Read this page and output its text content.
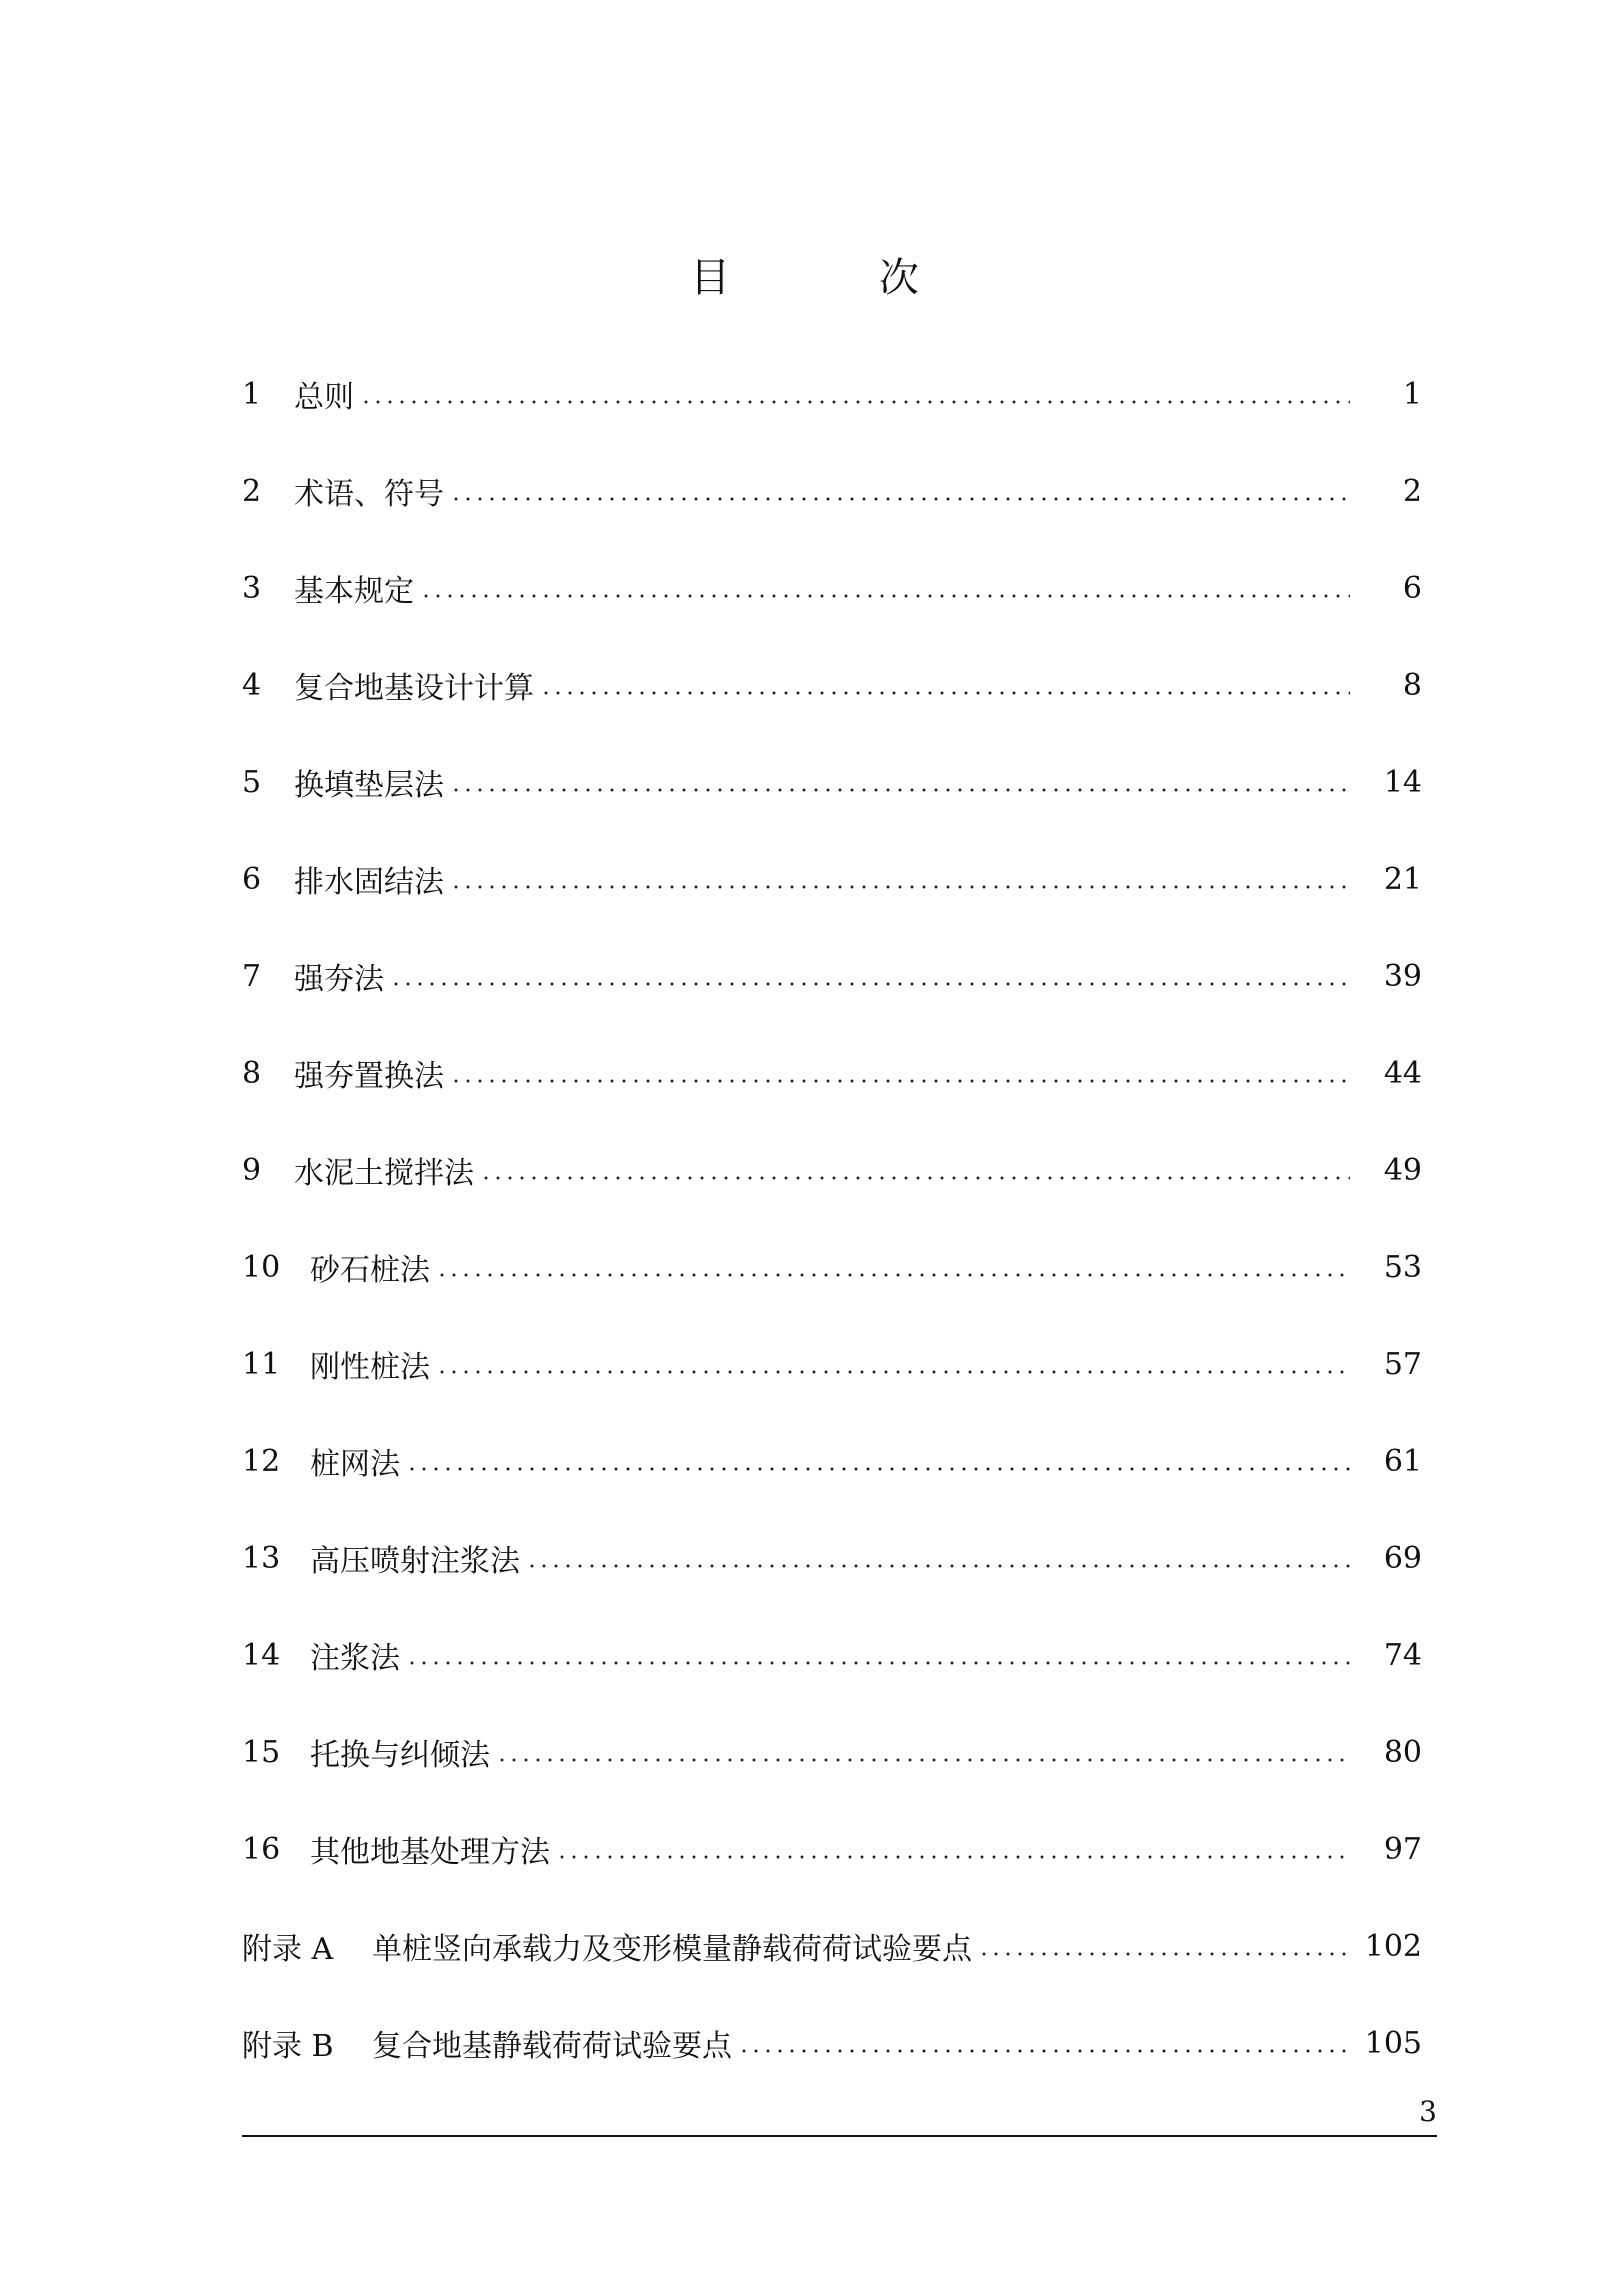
目 次
1	总则	1
2	术语、符号	2
3	基本规定	6
4	复合地基设计计算	8
5	换填垫层法	14
6	排水固结法	21
7	强夯法	39
8	强夯置换法	44
9	水泥土搅拌法	49
10 砂石桩法	53
11 刚性桩法	57
12 桩网法	61
13 高压喷射注浆法	69
14 注浆法	74
15 托换与纠倾法	80
16 其他地基处理方法	97
附录 A	单桩竖向承载力及变形模量静载荷荷试验要点	102
附录 B	复合地基静载荷荷试验要点	105
3
